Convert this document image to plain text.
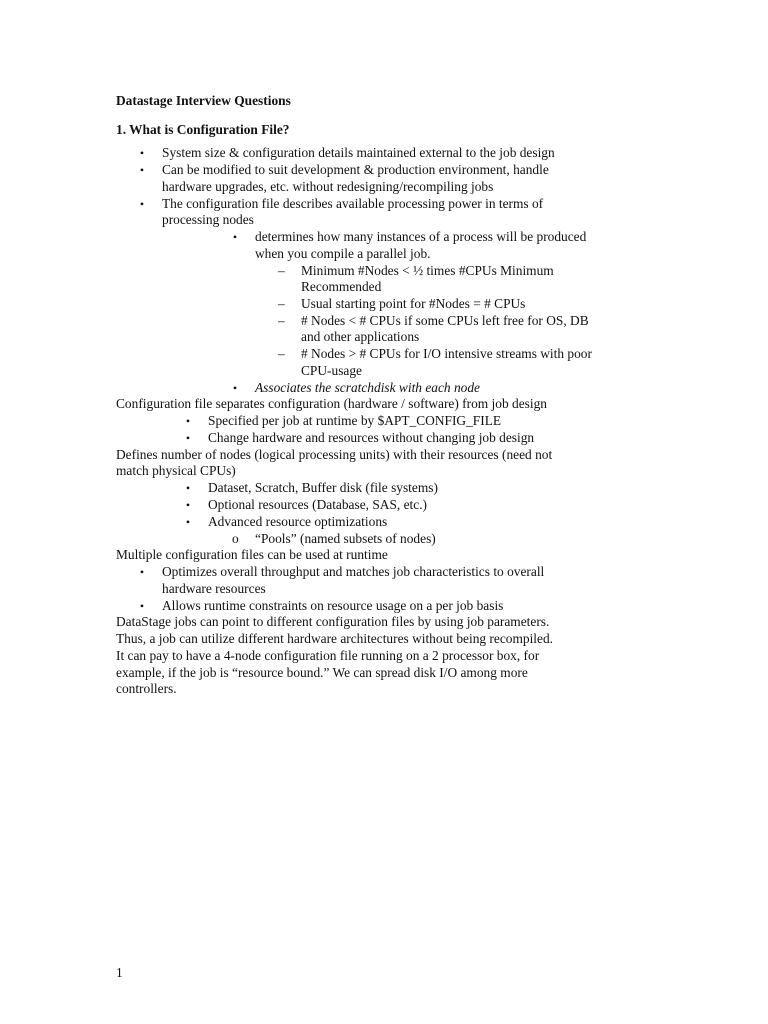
Datastage Interview Questions
1. What is Configuration File?
• System size & configuration details maintained external to the job design
• Can be modified to suit development & production environment, handle
hardware upgrades, etc. without redesigning/recompiling jobs
• The configuration file describes available processing power in terms of
processing nodes
• determines how many instances of a process will be produced
when you compile a parallel job.
– Minimum #Nodes < ½ times #CPUs Minimum
Recommended
– Usual starting point for #Nodes = # CPUs
– # Nodes < # CPUs if some CPUs left free for OS, DB
and other applications
– # Nodes > # CPUs for I/O intensive streams with poor
CPU-usage
• Associates the scratchdisk with each node
Configuration file separates configuration (hardware / software) from job design
• Specified per job at runtime by $APT_CONFIG_FILE
• Change hardware and resources without changing job design
Defines number of nodes (logical processing units) with their resources (need not
match physical CPUs)
• Dataset, Scratch, Buffer disk (file systems)
• Optional resources (Database, SAS, etc.)
• Advanced resource optimizations
o “Pools” (named subsets of nodes)
Multiple configuration files can be used at runtime
• Optimizes overall throughput and matches job characteristics to overall
hardware resources
• Allows runtime constraints on resource usage on a per job basis
DataStage jobs can point to different configuration files by using job parameters.
Thus, a job can utilize different hardware architectures without being recompiled.
It can pay to have a 4-node configuration file running on a 2 processor box, for
example, if the job is “resource bound.” We can spread disk I/O among more
controllers.
1
